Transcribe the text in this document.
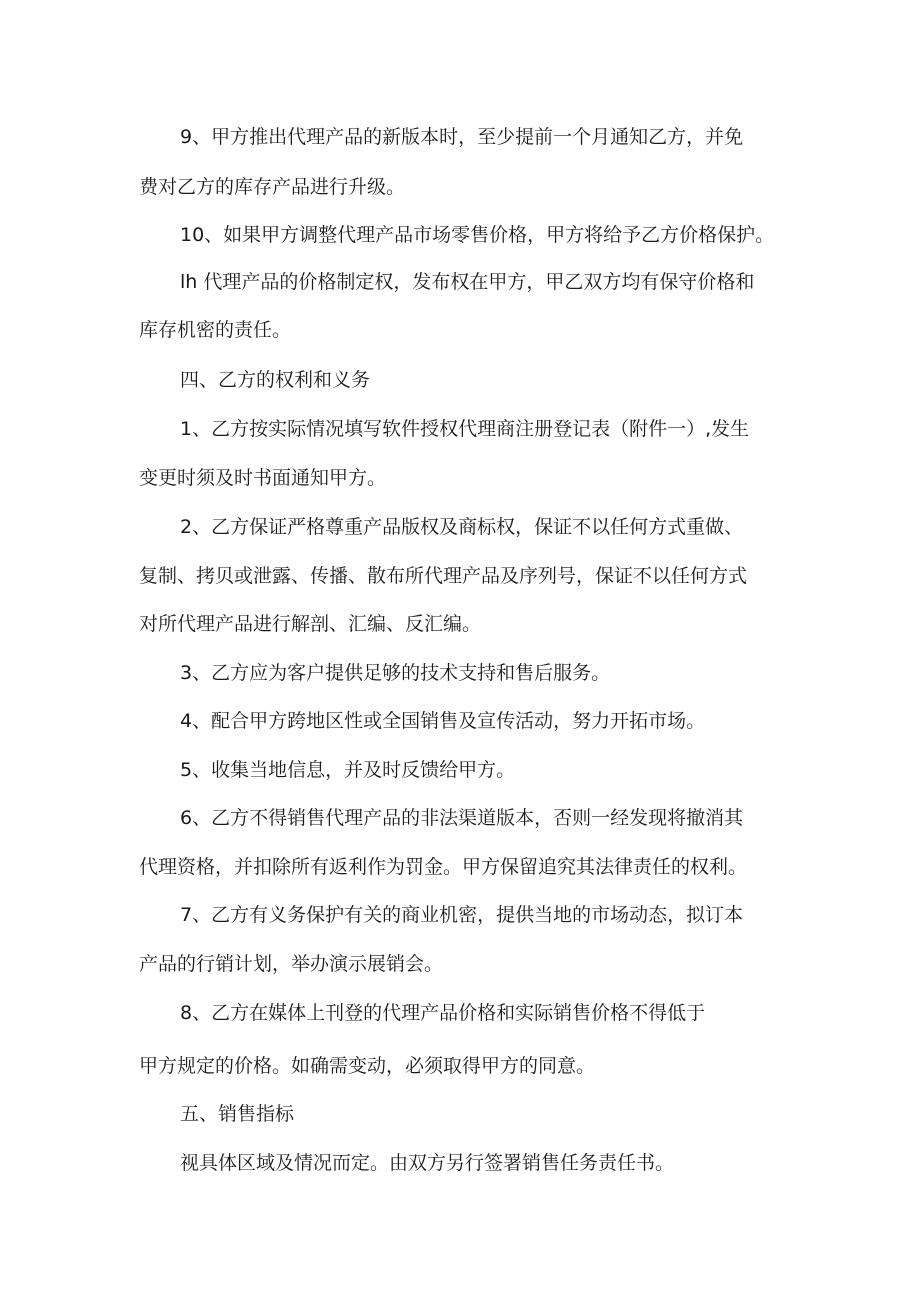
9、甲方推出代理产品的新版本时，至少提前一个月通知乙方，并免
费对乙方的库存产品进行升级。
10、如果甲方调整代理产品市场零售价格，甲方将给予乙方价格保护。
lh 代理产品的价格制定权，发布权在甲方，甲乙双方均有保守价格和
库存机密的责任。
四、乙方的权利和义务
1、乙方按实际情况填写软件授权代理商注册登记表（附件一）,发生
变更时须及时书面通知甲方。
2、乙方保证严格尊重产品版权及商标权，保证不以任何方式重做、
复制、拷贝或泄露、传播、散布所代理产品及序列号，保证不以任何方式
对所代理产品进行解剖、汇编、反汇编。
3、乙方应为客户提供足够的技术支持和售后服务。
4、配合甲方跨地区性或全国销售及宣传活动，努力开拓市场。
5、收集当地信息，并及时反馈给甲方。
6、乙方不得销售代理产品的非法渠道版本，否则一经发现将撤消其
代理资格，并扣除所有返利作为罚金。甲方保留追究其法律责任的权利。
7、乙方有义务保护有关的商业机密，提供当地的市场动态，拟订本
产品的行销计划，举办演示展销会。
8、乙方在媒体上刊登的代理产品价格和实际销售价格不得低于
甲方规定的价格。如确需变动，必须取得甲方的同意。
五、销售指标
视具体区域及情况而定。由双方另行签署销售任务责任书。
